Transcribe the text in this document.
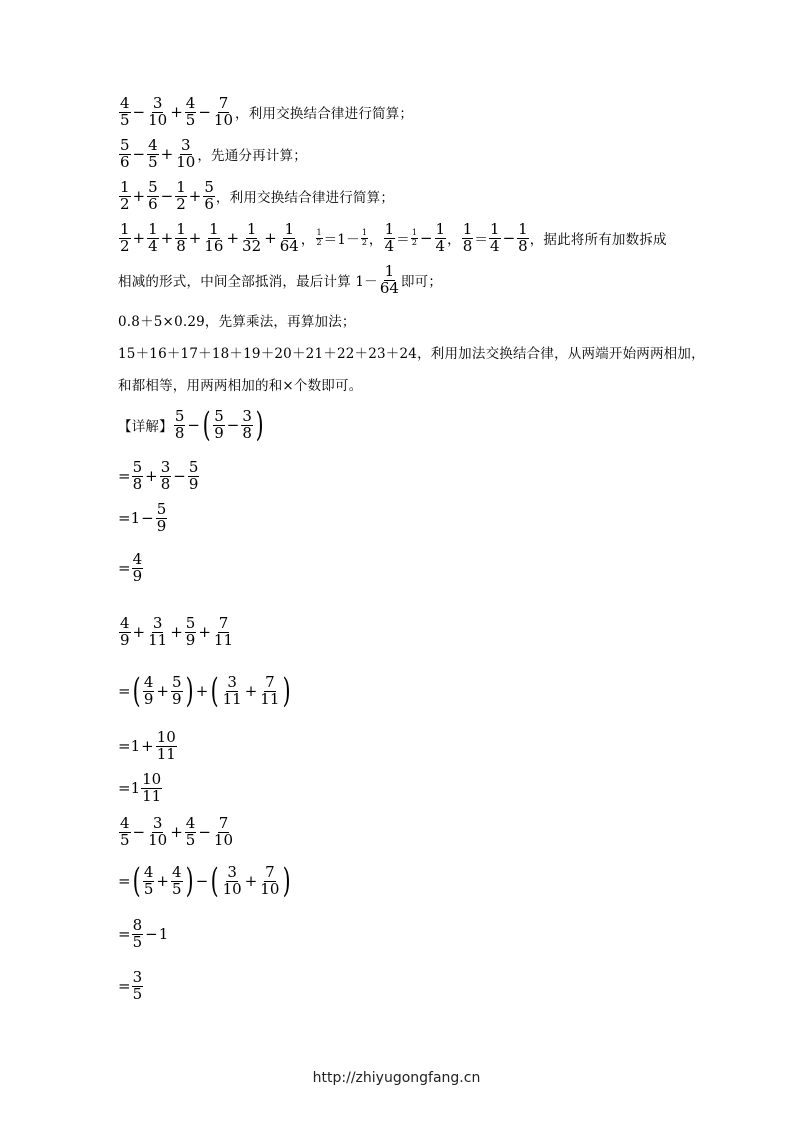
4
$5 - \frac{3}{10} + \frac{4}{5} - \frac{7}{10}$ ，利用交换结合律进行简算；
5
$6 - \frac{4}{5} + \frac{3}{10}$ ，先通分再计算；
1
$2 + \frac{5}{6} - \frac{1}{2} + \frac{5}{6}$ ，利用交换结合律进行简算；
1
$2 + \frac{1}{4} + \frac{1}{8} + \frac{1}{16} + \frac{1}{32} + \frac{1}{64}$ ， 1
2 ＝1－ 1
2 ，
1
4 ＝ 1
$2 - \frac{1}{4}$ ，
1
8 ＝
1
$4 - \frac{1}{8}$ ，据此将所有加数拆成
相减的形式，中间全部抵消，最后计算 1－
1
64 即可；
0.8＋5×0.29，先算乘法，再算加法；
15＋16＋17＋18＋19＋20＋21＋22＋23＋24，利用加法交换结合律，从两端开始两两相加，
和都相等，用两两相加的和×个数即可。
【详解】
5
8 − ( 5
$9 - \frac{3}{8}$ )
= $\frac{5}{8} + \frac{3}{8} - \frac{5}{9}$
$=1 - \frac{5}{9}$
= $\frac{4}{9}$
4
$9 + \frac{3}{11} + \frac{5}{9} + \frac{7}{11}$
= ( 4
$9 + \frac{5}{9}$ ) + ( 3
$11 + \frac{7}{11}$ )
$=1 + \frac{10}{11}$
=1
10
11
4
$5 - \frac{3}{10} + \frac{4}{5} - \frac{7}{10}$
= ( 4
$5 + \frac{4}{5}$ ) − ( 3
$10 + \frac{7}{10}$ )
= $\frac{8}{5} - 1$
= $\frac{3}{5}$
http://zhiyugongfang.cn
